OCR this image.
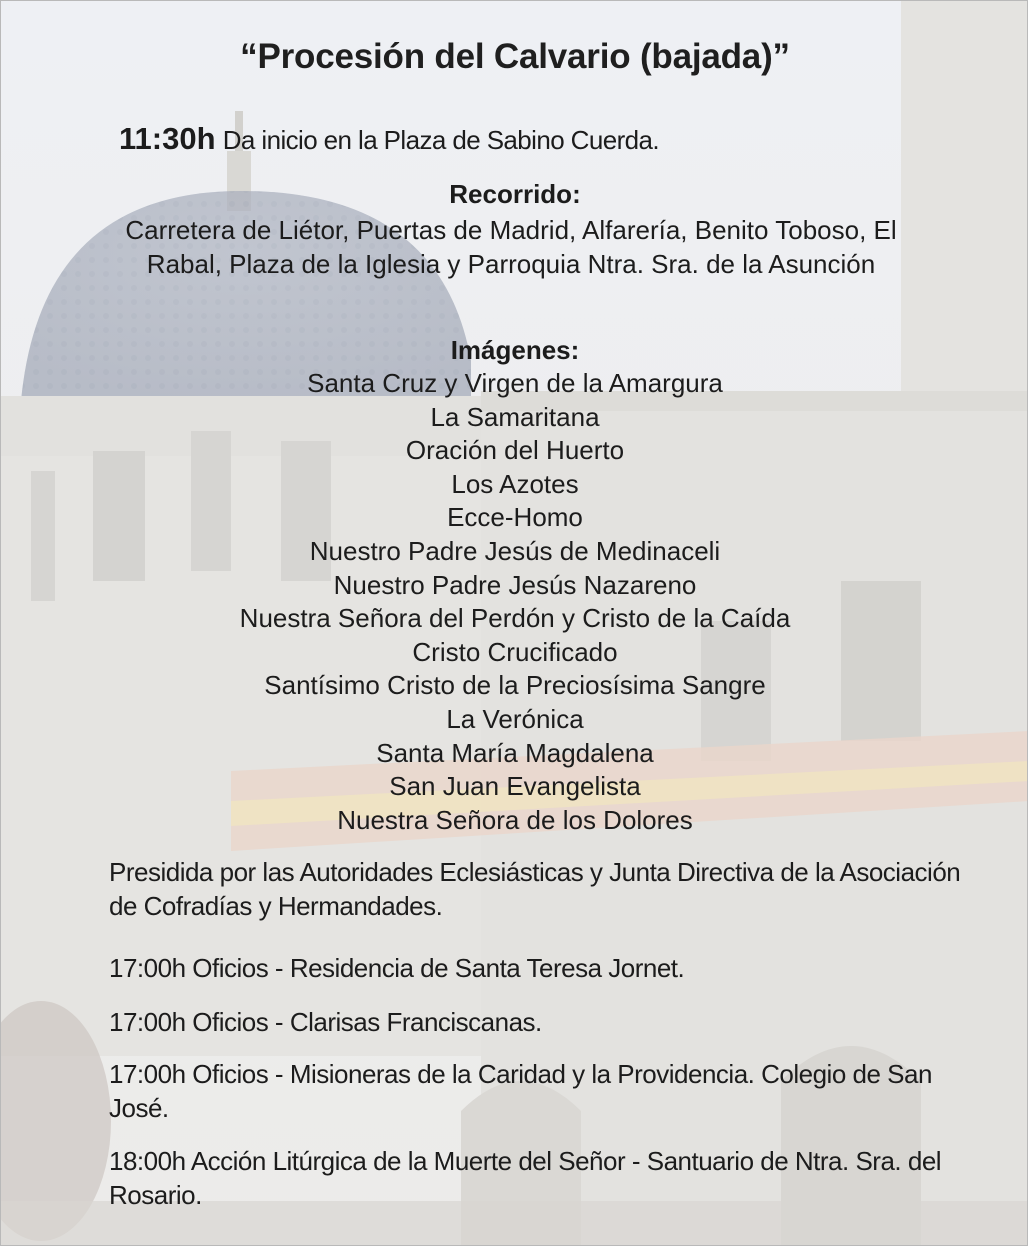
“Procesión del Calvario (bajada)”
11:30h Da inicio en la Plaza de Sabino Cuerda.
Recorrido:
Carretera de Liétor, Puertas de Madrid, Alfarería, Benito Toboso, El Rabal, Plaza de la Iglesia y Parroquia Ntra. Sra. de la Asunción
Imágenes:
Santa Cruz y Virgen de la Amargura
La Samaritana
Oración del Huerto
Los Azotes
Ecce-Homo
Nuestro Padre Jesús de Medinaceli
Nuestro Padre Jesús Nazareno
Nuestra Señora del Perdón y Cristo de la Caída
Cristo Crucificado
Santísimo Cristo de la Preciosísima Sangre
La Verónica
Santa María Magdalena
San Juan Evangelista
Nuestra Señora de los Dolores
Presidida por las Autoridades Eclesiásticas y Junta Directiva de la Asociación de Cofradías y Hermandades.
17:00h Oficios - Residencia de Santa Teresa Jornet.
17:00h Oficios - Clarisas Franciscanas.
17:00h Oficios - Misioneras de la Caridad y la Providencia. Colegio de San José.
18:00h Acción Litúrgica de la Muerte del Señor - Santuario de Ntra. Sra. del Rosario.
